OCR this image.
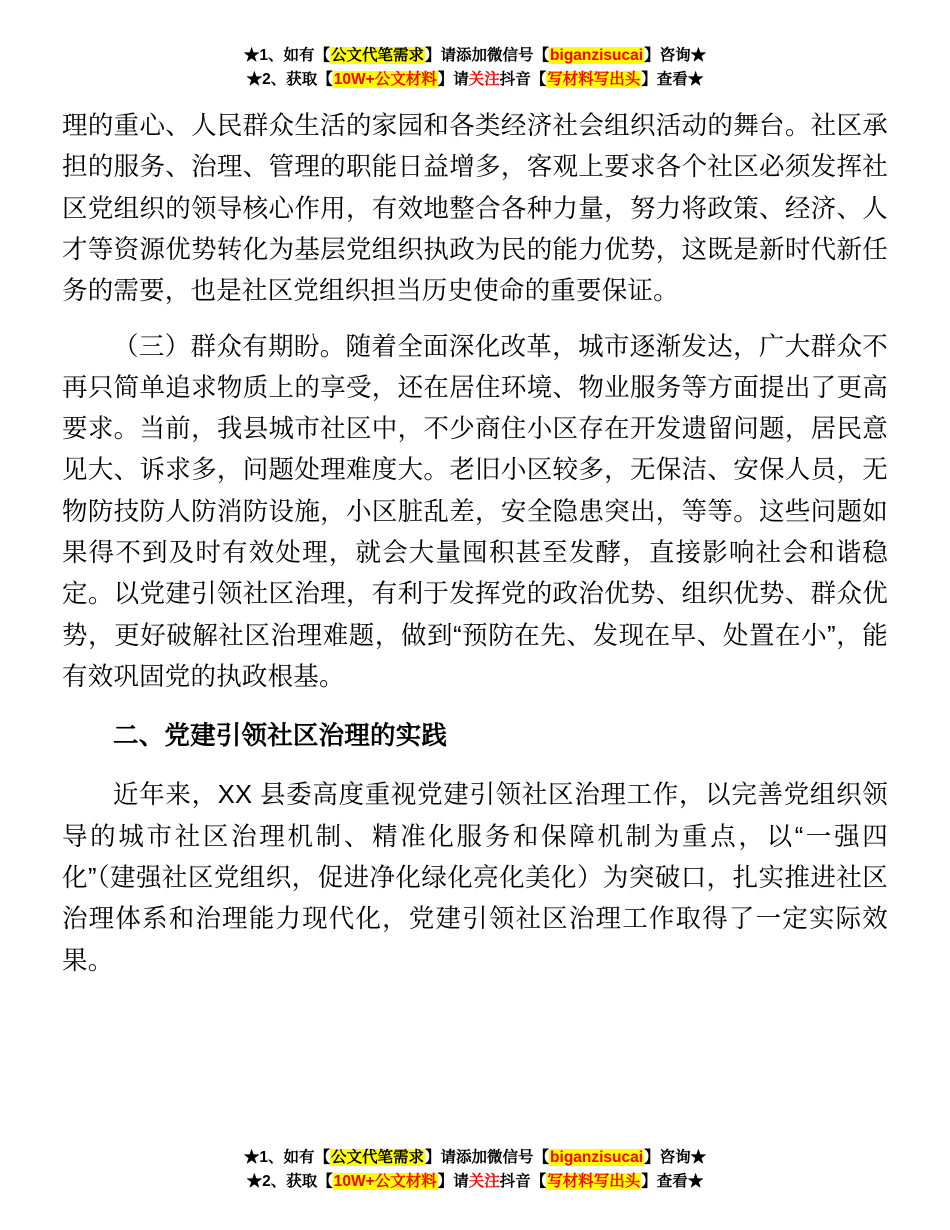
★1、如有【公文代笔需求】请添加微信号【biganzisucai】咨询★
★2、获取【10W+公文材料】请关注抖音【写材料写出头】查看★

理的重心、人民群众生活的家园和各类经济社会组织活动的舞台。社区承担的服务、治理、管理的职能日益增多，客观上要求各个社区必须发挥社区党组织的领导核心作用，有效地整合各种力量，努力将政策、经济、人才等资源优势转化为基层党组织执政为民的能力优势，这既是新时代新任务的需要，也是社区党组织担当历史使命的重要保证。

（三）群众有期盼。随着全面深化改革，城市逐渐发达，广大群众不再只简单追求物质上的享受，还在居住环境、物业服务等方面提出了更高要求。当前，我县城市社区中，不少商住小区存在开发遗留问题，居民意见大、诉求多，问题处理难度大。老旧小区较多，无保洁、安保人员，无物防技防人防消防设施，小区脏乱差，安全隐患突出，等等。这些问题如果得不到及时有效处理，就会大量囤积甚至发酵，直接影响社会和谐稳定。以党建引领社区治理，有利于发挥党的政治优势、组织优势、群众优势，更好破解社区治理难题，做到“预防在先、发现在早、处置在小”，能有效巩固党的执政根基。

二、党建引领社区治理的实践

近年来，XX 县委高度重视党建引领社区治理工作，以完善党组织领导的城市社区治理机制、精准化服务和保障机制为重点，以“一强四化”（建强社区党组织，促进净化绿化亮化美化）为突破口，扎实推进社区治理体系和治理能力现代化，党建引领社区治理工作取得了一定实际效果。

★1、如有【公文代笔需求】请添加微信号【biganzisucai】咨询★
★2、获取【10W+公文材料】请关注抖音【写材料写出头】查看★
